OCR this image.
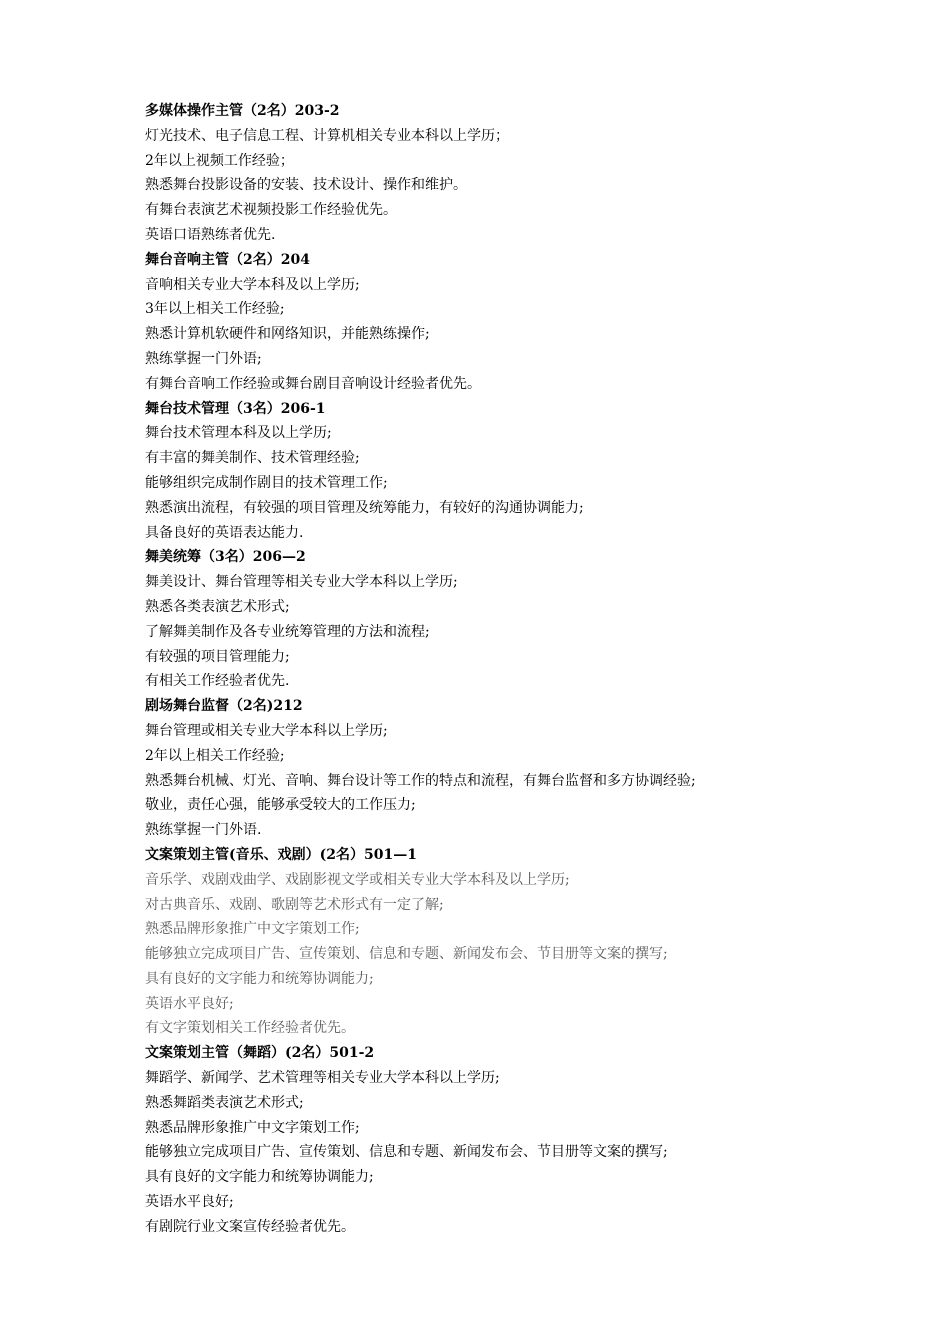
多媒体操作主管（2名）203-2
灯光技术、电子信息工程、计算机相关专业本科以上学历；
2年以上视频工作经验；
熟悉舞台投影设备的安装、技术设计、操作和维护。
有舞台表演艺术视频投影工作经验优先。
英语口语熟练者优先.
舞台音响主管（2名）204
音响相关专业大学本科及以上学历;
3年以上相关工作经验;
熟悉计算机软硬件和网络知识，并能熟练操作;
熟练掌握一门外语;
有舞台音响工作经验或舞台剧目音响设计经验者优先。
舞台技术管理（3名）206-1
舞台技术管理本科及以上学历;
有丰富的舞美制作、技术管理经验;
能够组织完成制作剧目的技术管理工作;
熟悉演出流程，有较强的项目管理及统筹能力，有较好的沟通协调能力;
具备良好的英语表达能力.
舞美统筹（3名）206—2
舞美设计、舞台管理等相关专业大学本科以上学历;
熟悉各类表演艺术形式;
了解舞美制作及各专业统筹管理的方法和流程;
有较强的项目管理能力;
有相关工作经验者优先.
剧场舞台监督（2名)212
舞台管理或相关专业大学本科以上学历;
2年以上相关工作经验;
熟悉舞台机械、灯光、音响、舞台设计等工作的特点和流程，有舞台监督和多方协调经验;
敬业，责任心强，能够承受较大的工作压力;
熟练掌握一门外语.
文案策划主管(音乐、戏剧）(2名）501—1
音乐学、戏剧戏曲学、戏剧影视文学或相关专业大学本科及以上学历;
对古典音乐、戏剧、歌剧等艺术形式有一定了解;
熟悉品牌形象推广中文字策划工作;
能够独立完成项目广告、宣传策划、信息和专题、新闻发布会、节目册等文案的撰写;
具有良好的文字能力和统筹协调能力;
英语水平良好;
有文字策划相关工作经验者优先。
文案策划主管（舞蹈）(2名）501-2
舞蹈学、新闻学、艺术管理等相关专业大学本科以上学历;
熟悉舞蹈类表演艺术形式;
熟悉品牌形象推广中文字策划工作;
能够独立完成项目广告、宣传策划、信息和专题、新闻发布会、节目册等文案的撰写;
具有良好的文字能力和统筹协调能力;
英语水平良好;
有剧院行业文案宣传经验者优先。
